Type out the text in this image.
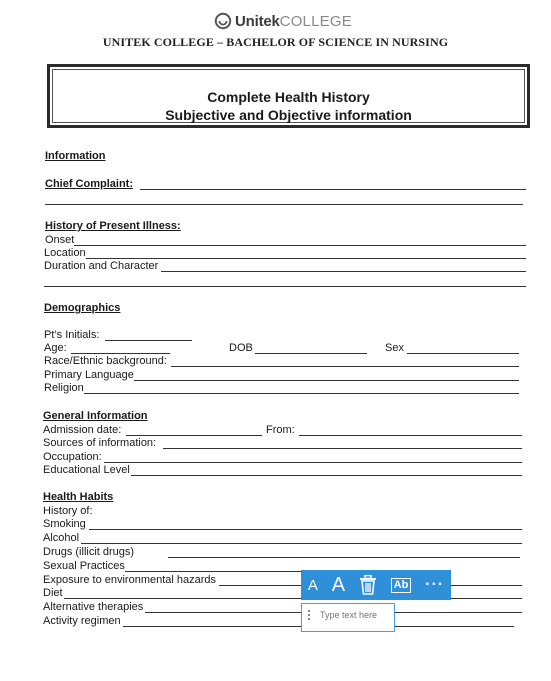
Unitek COLLEGE
UNITEK COLLEGE – BACHELOR OF SCIENCE IN NURSING
Complete Health History
Subjective and Objective information
Information
Chief Complaint:
History of Present Illness:
Onset
Location
Duration and Character
Demographics
Pt’s Initials:
Age:	DOB	Sex
Race/Ethnic background:
Primary Language
Religion
General Information
Admission date:	From:
Sources of information:
Occupation:
Educational Level
Health Habits
History of:
Smoking
Alcohol
Drugs (illicit drugs)
Sexual Practices
Exposure to environmental hazards
Diet
Alternative therapies
Activity regimen
A A	Ab ···
Type text here
